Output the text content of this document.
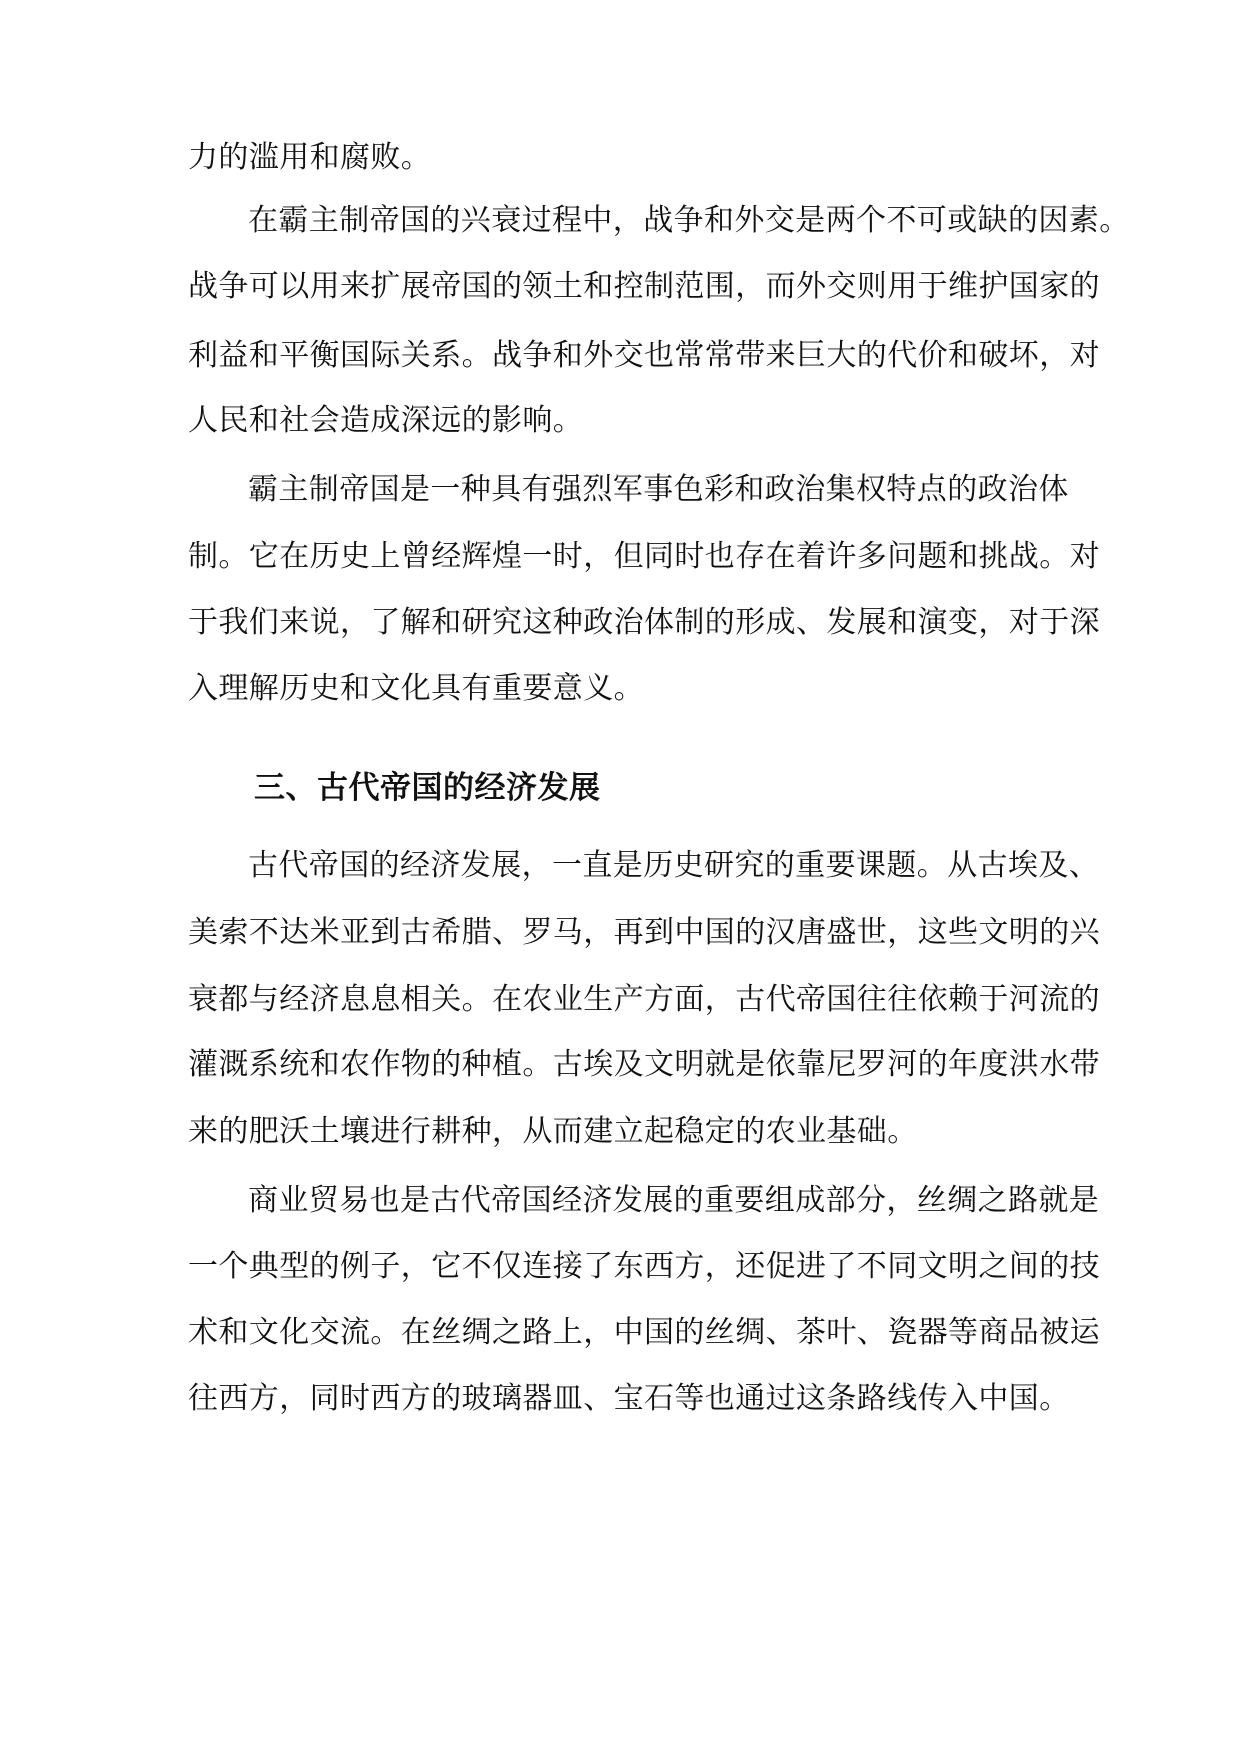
力的滥用和腐败。
在霸主制帝国的兴衰过程中，战争和外交是两个不可或缺的因素。
战争可以用来扩展帝国的领土和控制范围，而外交则用于维护国家的
利益和平衡国际关系。战争和外交也常常带来巨大的代价和破坏，对
人民和社会造成深远的影响。
霸主制帝国是一种具有强烈军事色彩和政治集权特点的政治体
制。它在历史上曾经辉煌一时，但同时也存在着许多问题和挑战。对
于我们来说，了解和研究这种政治体制的形成、发展和演变，对于深
入理解历史和文化具有重要意义。
三、古代帝国的经济发展
古代帝国的经济发展，一直是历史研究的重要课题。从古埃及、
美索不达米亚到古希腊、罗马，再到中国的汉唐盛世，这些文明的兴
衰都与经济息息相关。在农业生产方面，古代帝国往往依赖于河流的
灌溉系统和农作物的种植。古埃及文明就是依靠尼罗河的年度洪水带
来的肥沃土壤进行耕种，从而建立起稳定的农业基础。
商业贸易也是古代帝国经济发展的重要组成部分，丝绸之路就是
一个典型的例子，它不仅连接了东西方，还促进了不同文明之间的技
术和文化交流。在丝绸之路上，中国的丝绸、茶叶、瓷器等商品被运
往西方，同时西方的玻璃器皿、宝石等也通过这条路线传入中国。
